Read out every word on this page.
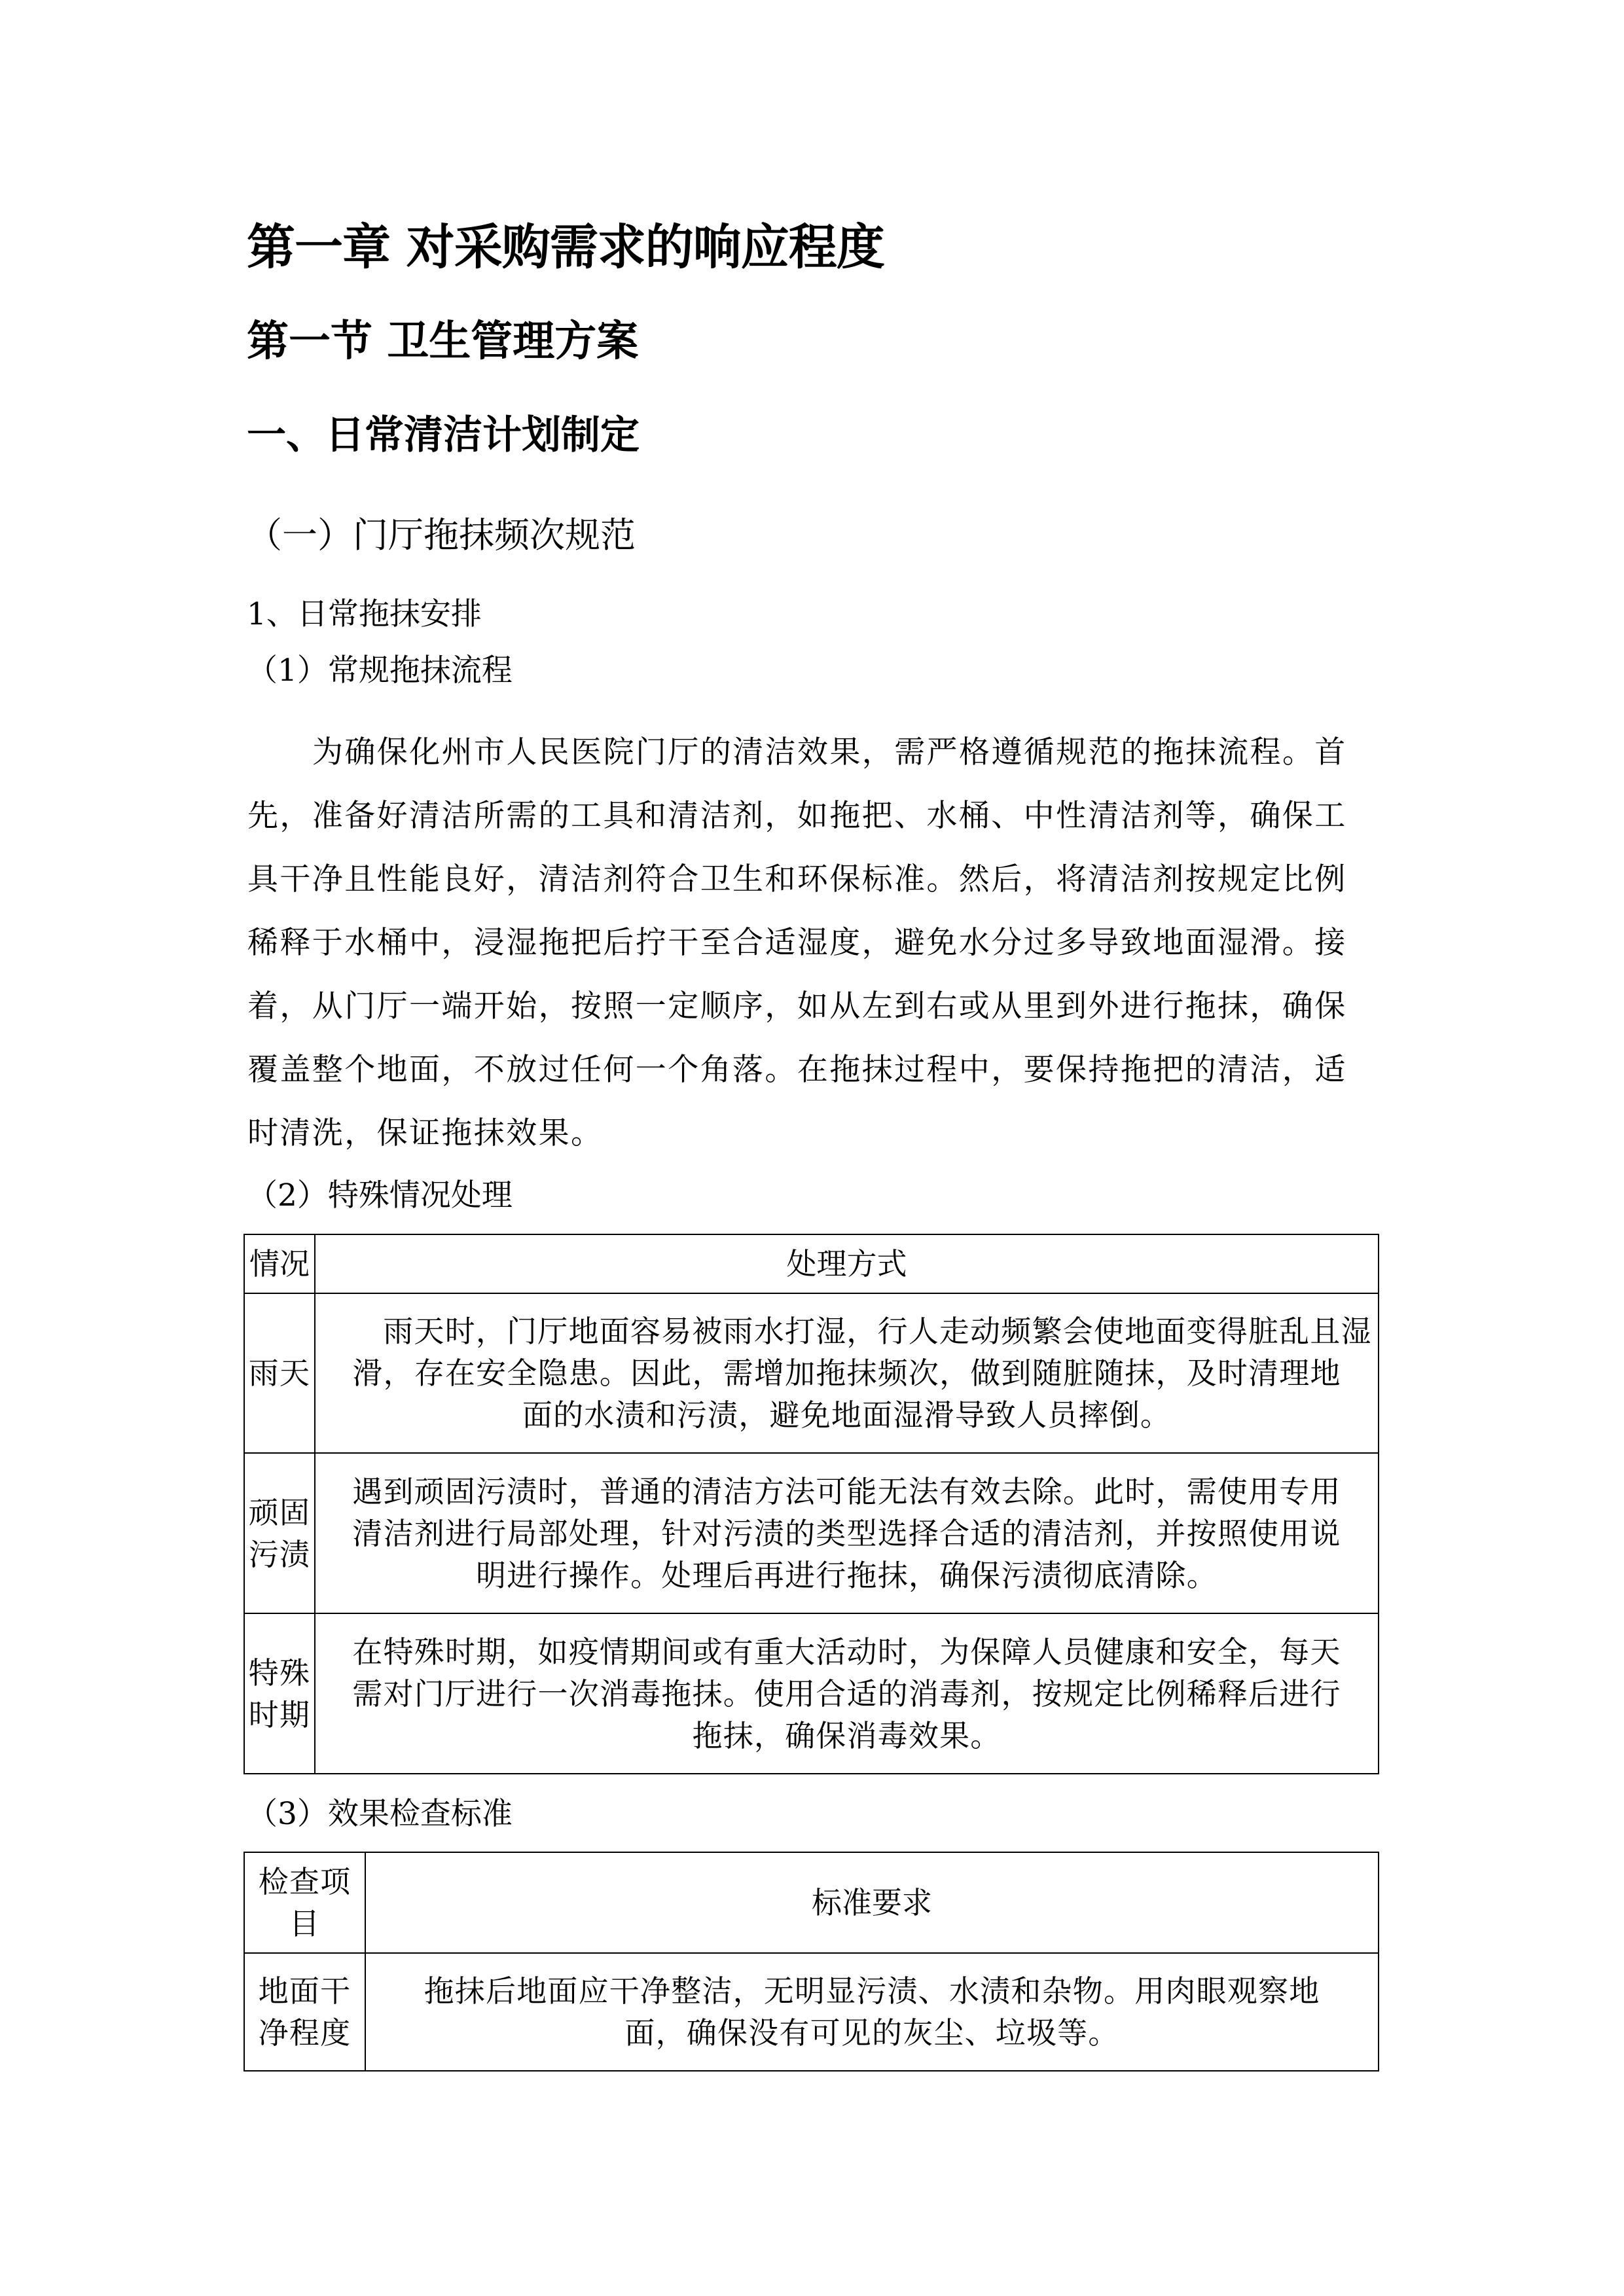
第一章 对采购需求的响应程度
第一节 卫生管理方案
一、日常清洁计划制定
（一）门厅拖抹频次规范
1、日常拖抹安排
（1）常规拖抹流程
为确保化州市人民医院门厅的清洁效果，需严格遵循规范的拖抹流程。首
先，准备好清洁所需的工具和清洁剂，如拖把、水桶、中性清洁剂等，确保工
具干净且性能良好，清洁剂符合卫生和环保标准。然后，将清洁剂按规定比例
稀释于水桶中，浸湿拖把后拧干至合适湿度，避免水分过多导致地面湿滑。接
着，从门厅一端开始，按照一定顺序，如从左到右或从里到外进行拖抹，确保
覆盖整个地面，不放过任何一个角落。在拖抹过程中，要保持拖把的清洁，适
时清洗，保证拖抹效果。
（2）特殊情况处理
情况	处理方式

雨天	雨天时，门厅地面容易被雨水打湿，行人走动频繁会使地面变得脏乱且湿
滑，存在安全隐患。因此，需增加拖抹频次，做到随脏随抹，及时清理地
面的水渍和污渍，避免地面湿滑导致人员摔倒。

顽固
污渍	遇到顽固污渍时，普通的清洁方法可能无法有效去除。此时，需使用专用
清洁剂进行局部处理，针对污渍的类型选择合适的清洁剂，并按照使用说
明进行操作。处理后再进行拖抹，确保污渍彻底清除。

特殊
时期	在特殊时期，如疫情期间或有重大活动时，为保障人员健康和安全，每天
需对门厅进行一次消毒拖抹。使用合适的消毒剂，按规定比例稀释后进行
拖抹，确保消毒效果。
（3）效果检查标准
检查项
目	标准要求

地面干
净程度	拖抹后地面应干净整洁，无明显污渍、水渍和杂物。用肉眼观察地
面，确保没有可见的灰尘、垃圾等。
